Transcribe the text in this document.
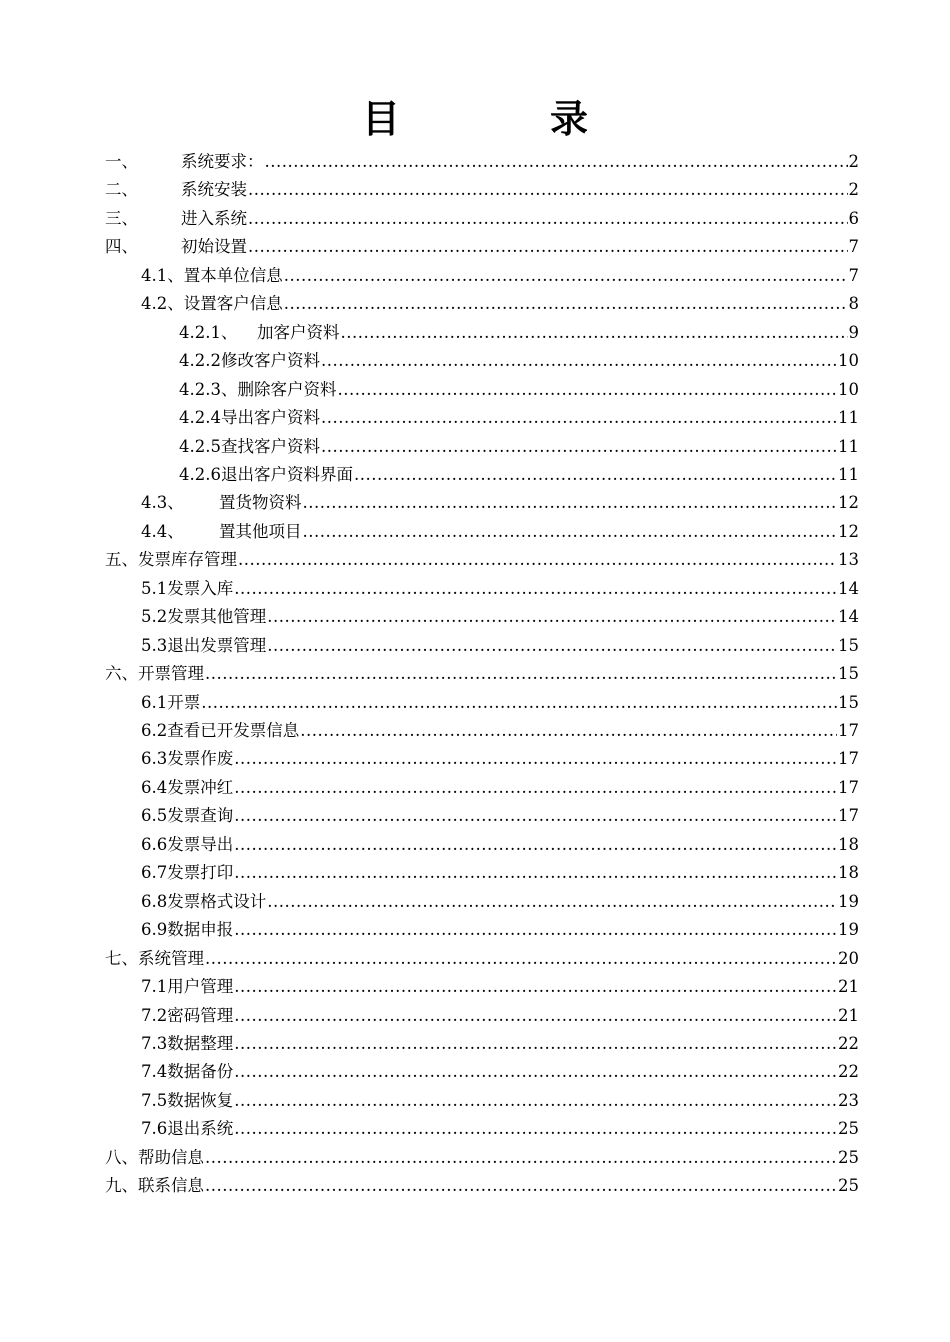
目　录
一、	系统要求： .....	2
二、	系统安装 .....	2
三、	进入系统 .....	6
四、	初始设置 .....	7
4.1、 置本单位信息 .....	7
4.2、 设置客户信息 .....	8
4.2.1、	加客户资料 .....	9
4.2.2 修改客户资料 .....	10
4.2.3、 删除客户资料 .....	10
4.2.4 导出客户资料 .....	11
4.2.5 查找客户资料 .....	11
4.2.6 退出客户资料界面 .....	11
4.3、	置货物资料 .....	12
4.4、	置其他项目 .....	12
五、 发票库存管理 .....	13
5.1 发票入库 .....	14
5.2 发票其他管理 .....	14
5.3 退出发票管理 .....	15
六、 开票管理 .....	15
6.1 开票 .....	15
6.2 查看已开发票信息 .....	17
6.3 发票作废 .....	17
6.4 发票冲红 .....	17
6.5 发票查询 .....	17
6.6 发票导出 .....	18
6.7 发票打印 .....	18
6.8 发票格式设计 .....	19
6.9 数据申报 .....	19
七、 系统管理 .....	20
7.1 用户管理 .....	21
7.2 密码管理 .....	21
7.3 数据整理 .....	22
7.4 数据备份 .....	22
7.5 数据恢复 .....	23
7.6 退出系统 .....	25
八、 帮助信息 .....	25
九、 联系信息 .....	25
